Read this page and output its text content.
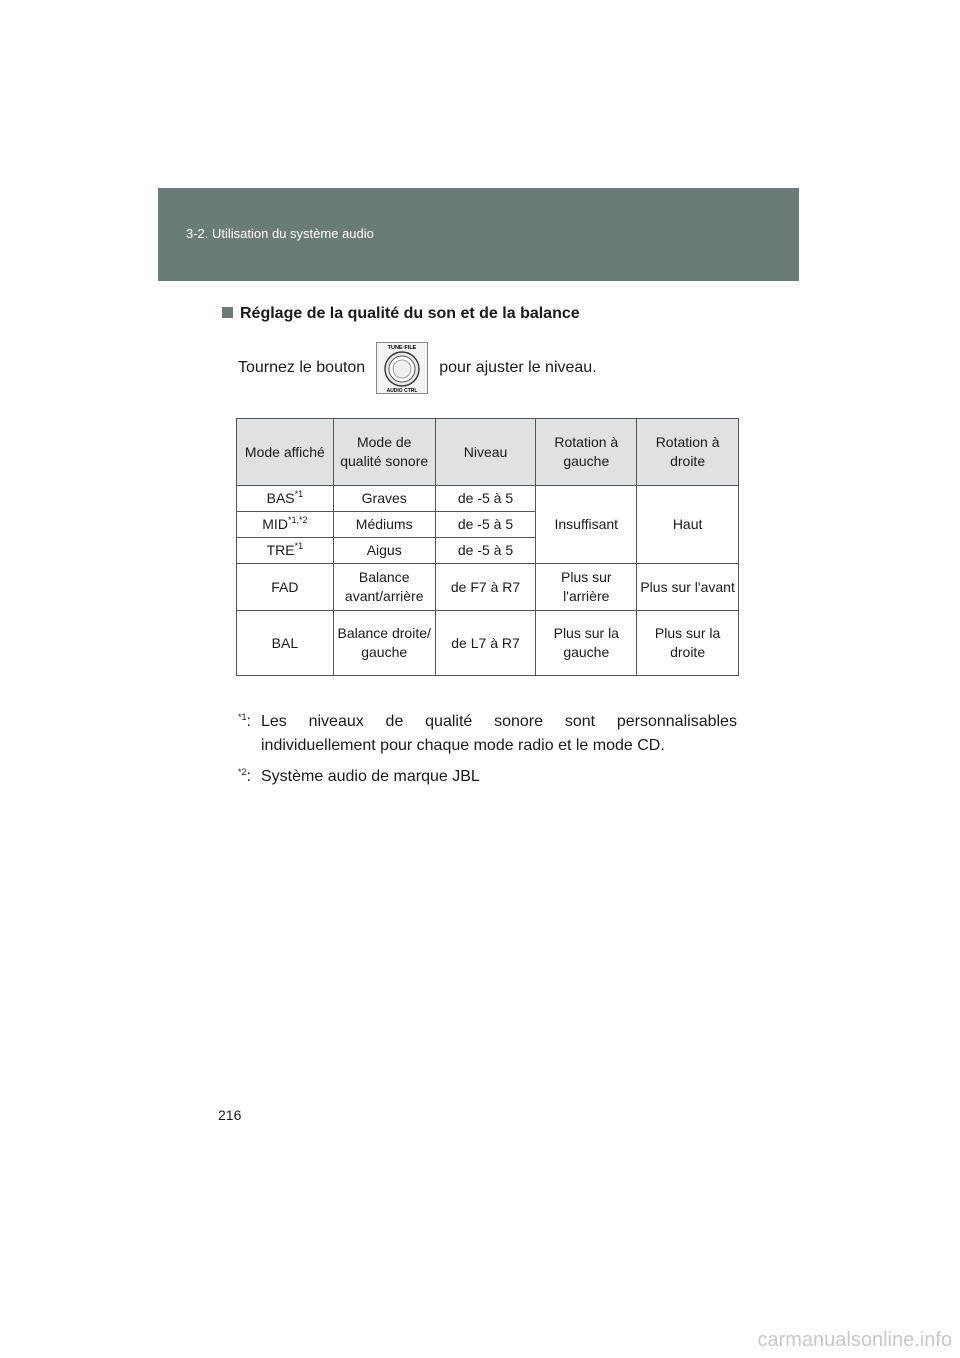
3-2. Utilisation du système audio
Réglage de la qualité du son et de la balance
Tournez le bouton
TUNE·FILE
AUDIO CTRL
pour ajuster le niveau.
Mode affiché	Mode de qualité sonore	Niveau	Rotation à gauche	Rotation à droite
BAS$^{*1}$	Graves	de -5 à 5	Insuffisant	Haut
$MID^{*1,*2}$	Médiums	de -5 à 5		
TRE$^{*1}$	Aigus	de -5 à 5		
FAD	Balance avant/arrière	de F7 à R7	Plus sur l'arrière	Plus sur l'avant
BAL	Balance droite/ gauche	de L7 à R7	Plus sur la gauche	Plus sur la droite
$^{*1}$: Les niveaux de qualité sonore sont personnalisables
individuellement pour chaque mode radio et le mode CD.
$^{*2}$: Système audio de marque JBL
216
carmanualsonline.info
